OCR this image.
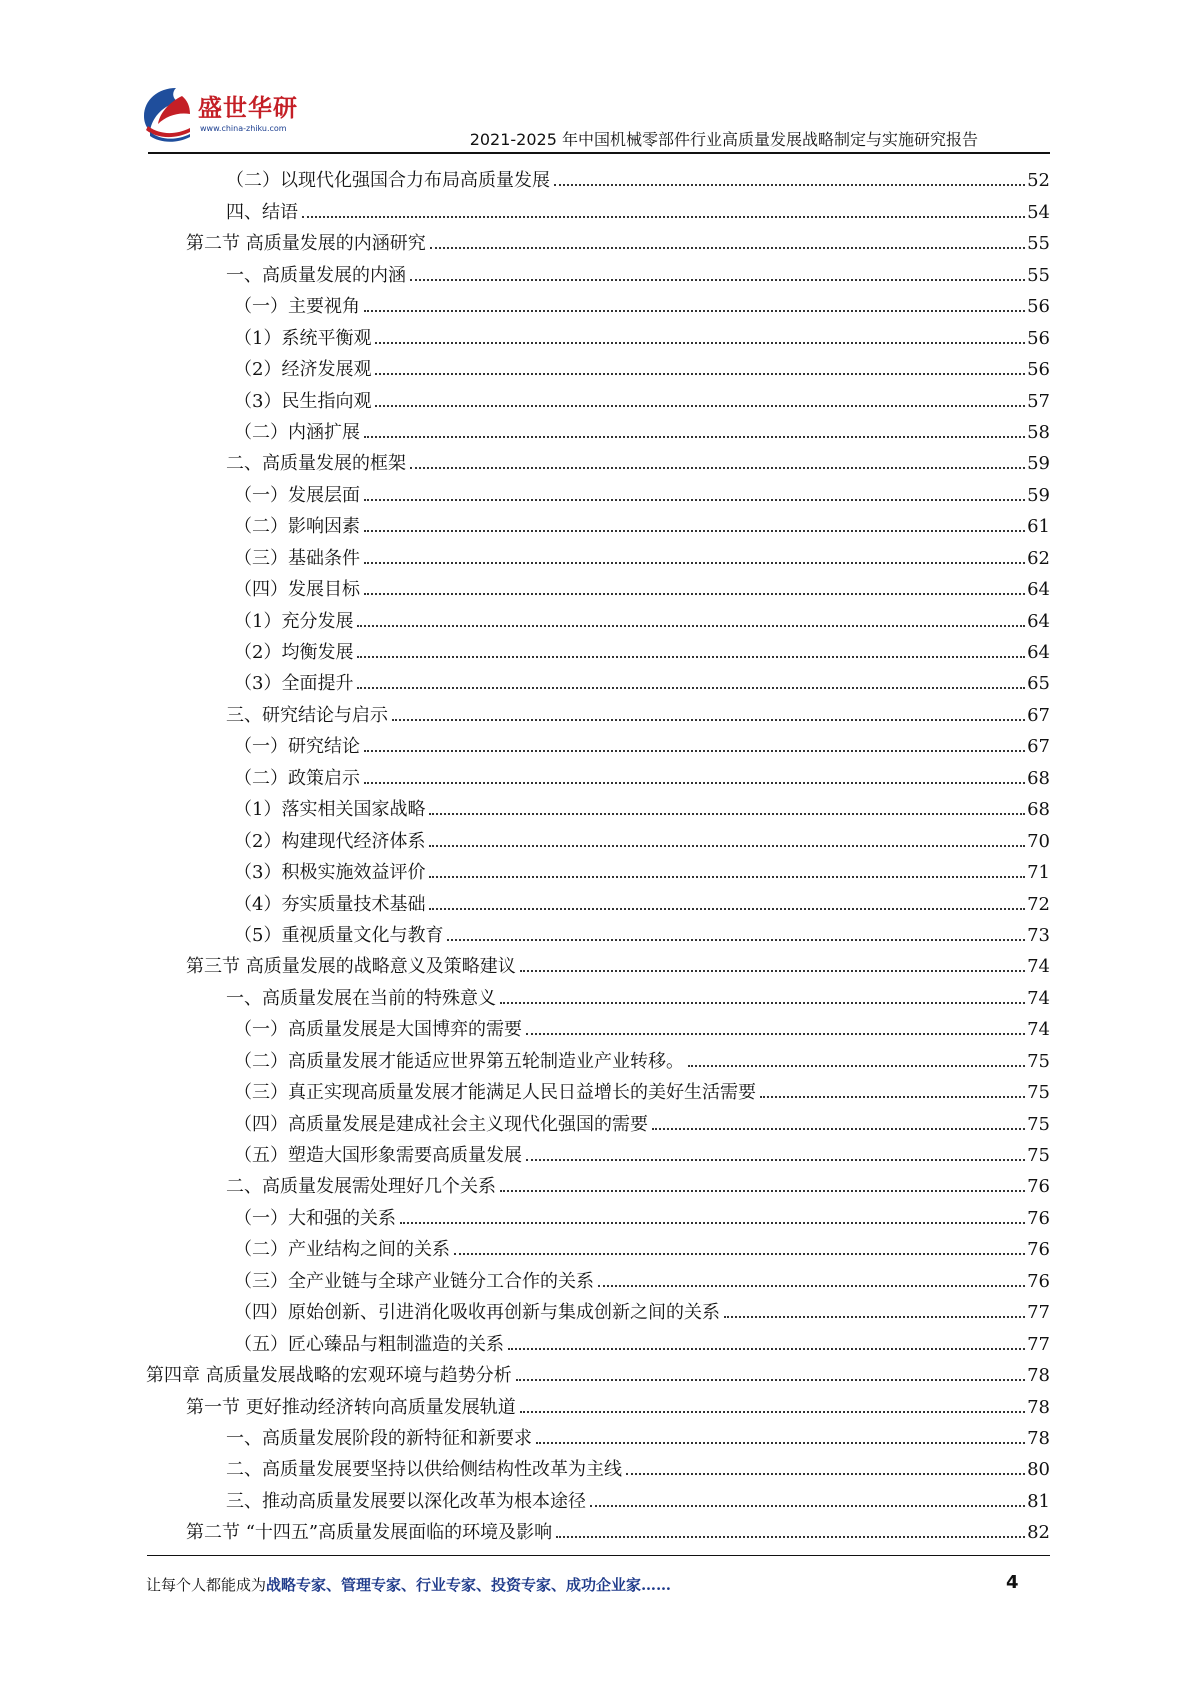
盛世华研
www.china-zhiku.com
2021-2025 年中国机械零部件行业高质量发展战略制定与实施研究报告
（二）以现代化强国合力布局高质量发展	52
四、结语	54
第二节 高质量发展的内涵研究	55
一、高质量发展的内涵	55
（一）主要视角	56
（1）系统平衡观	56
（2）经济发展观	56
（3）民生指向观	57
（二）内涵扩展	58
二、高质量发展的框架	59
（一）发展层面	59
（二）影响因素	61
（三）基础条件	62
（四）发展目标	64
（1）充分发展	64
（2）均衡发展	64
（3）全面提升	65
三、研究结论与启示	67
（一）研究结论	67
（二）政策启示	68
（1）落实相关国家战略	68
（2）构建现代经济体系	70
（3）积极实施效益评价	71
（4）夯实质量技术基础	72
（5）重视质量文化与教育	73
第三节 高质量发展的战略意义及策略建议	74
一、高质量发展在当前的特殊意义	74
（一）高质量发展是大国博弈的需要	74
（二）高质量发展才能适应世界第五轮制造业产业转移。	75
（三）真正实现高质量发展才能满足人民日益增长的美好生活需要	75
（四）高质量发展是建成社会主义现代化强国的需要	75
（五）塑造大国形象需要高质量发展	75
二、高质量发展需处理好几个关系	76
（一）大和强的关系	76
（二）产业结构之间的关系	76
（三）全产业链与全球产业链分工合作的关系	76
（四）原始创新、引进消化吸收再创新与集成创新之间的关系	77
（五）匠心臻品与粗制滥造的关系	77
第四章 高质量发展战略的宏观环境与趋势分析	78
第一节 更好推动经济转向高质量发展轨道	78
一、高质量发展阶段的新特征和新要求	78
二、高质量发展要坚持以供给侧结构性改革为主线	80
三、推动高质量发展要以深化改革为根本途径	81
第二节 “十四五”高质量发展面临的环境及影响	82
让每个人都能成为战略专家、管理专家、行业专家、投资专家、成功企业家……	4
